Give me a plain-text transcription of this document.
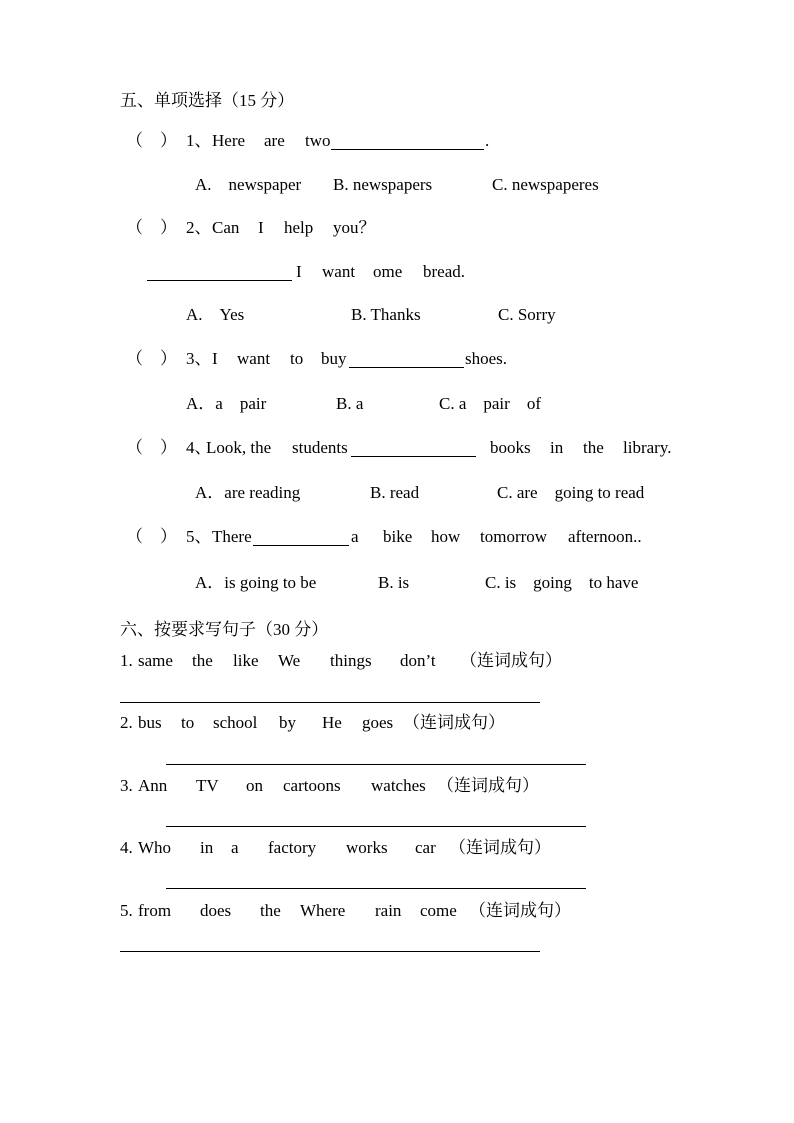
五、单项选择（15 分）
（ ） 1、 Here are two	.
A.　newspaper B. newspapers	C. newspaperes
（ ） 2、 Can I help you？
I want ome bread.
A.　Yes	B. Thanks	C. Sorry
（ ） 3、 I want to buy	shoes.
A．a　pair	B. a	C. a　pair　of
（ ） 4、
Look, the students	books in the library.
A．are reading	B. read	C. are　going to read
（ ） 5、 There	a bike how tomorrow afternoon..
A．is going to be	B. is	C. is　going　to have
六、按要求写句子（30 分）
1. same the like We things don’t （连词成句）
2. bus to school by He goes （连词成句）
3. Ann TV on cartoons watches （连词成句）
4. Who in a factory works car （连词成句）
5. from does the Where rain come （连词成句）
